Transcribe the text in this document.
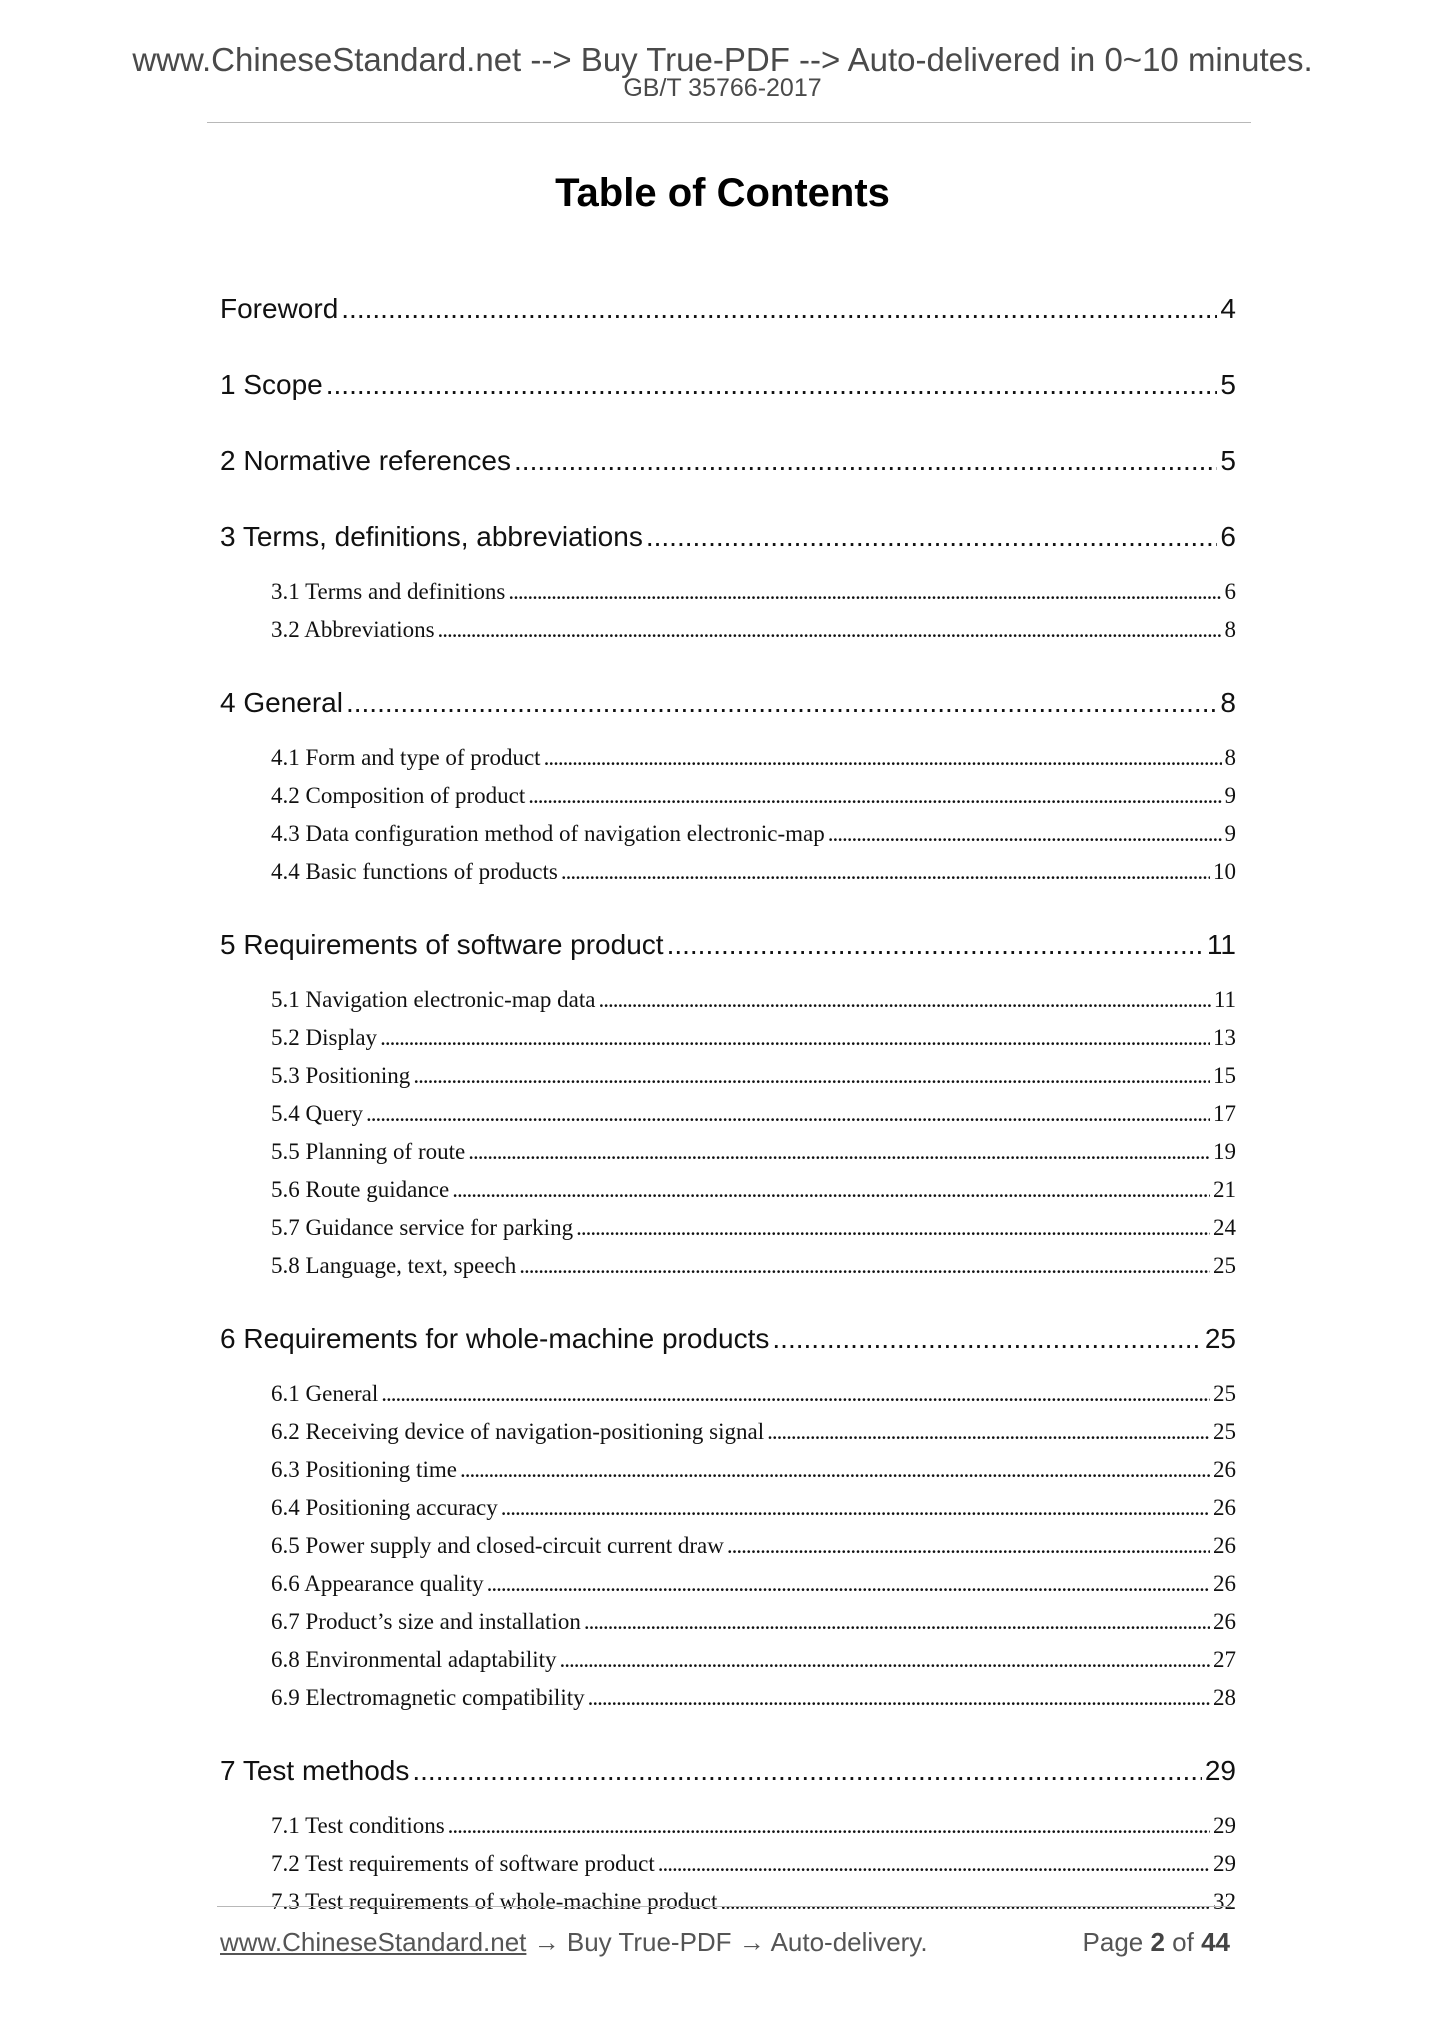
www.ChineseStandard.net --> Buy True-PDF --> Auto-delivered in 0~10 minutes.
GB/T 35766-2017
Table of Contents
Foreword .....	4
1 Scope .....	5
2 Normative references .....	5
3 Terms, definitions, abbreviations .....	6
3.1 Terms and definitions .....	6
3.2 Abbreviations .....	8
4 General .....	8
4.1 Form and type of product .....	8
4.2 Composition of product .....	9
4.3 Data configuration method of navigation electronic-map .....	9
4.4 Basic functions of products .....	10
5 Requirements of software product .....	11
5.1 Navigation electronic-map data .....	11
5.2 Display .....	13
5.3 Positioning .....	15
5.4 Query .....	17
5.5 Planning of route .....	19
5.6 Route guidance .....	21
5.7 Guidance service for parking .....	24
5.8 Language, text, speech .....	25
6 Requirements for whole-machine products .....	25
6.1 General .....	25
6.2 Receiving device of navigation-positioning signal .....	25
6.3 Positioning time .....	26
6.4 Positioning accuracy .....	26
6.5 Power supply and closed-circuit current draw .....	26
6.6 Appearance quality .....	26
6.7 Product’s size and installation .....	26
6.8 Environmental adaptability .....	27
6.9 Electromagnetic compatibility .....	28
7 Test methods .....	29
7.1 Test conditions .....	29
7.2 Test requirements of software product .....	29
7.3 Test requirements of whole-machine product .....	32
www.ChineseStandard.net → Buy True-PDF → Auto-delivery.	Page 2 of 44
